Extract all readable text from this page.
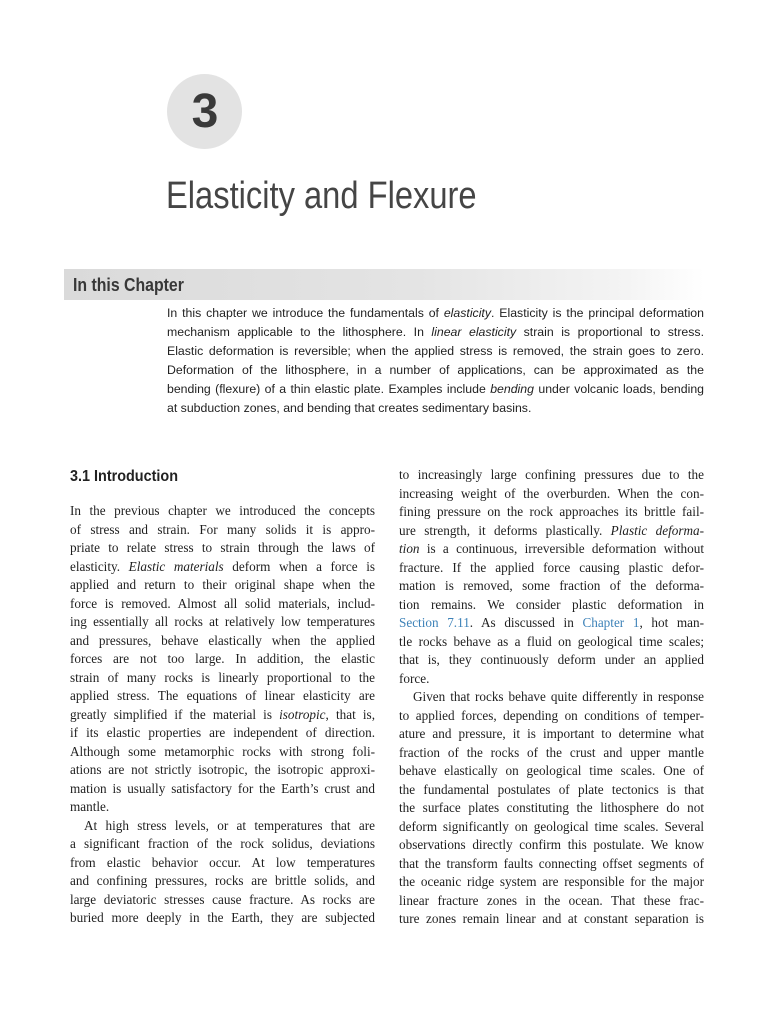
3
Elasticity and Flexure
In this Chapter
In this chapter we introduce the fundamentals of elasticity. Elasticity is the principal deformation
mechanism applicable to the lithosphere. In linear elasticity strain is proportional to stress.
Elastic deformation is reversible; when the applied stress is removed, the strain goes to zero.
Deformation of the lithosphere, in a number of applications, can be approximated as the
bending (flexure) of a thin elastic plate. Examples include bending under volcanic loads, bending
at subduction zones, and bending that creates sedimentary basins.
3.1 Introduction
In the previous chapter we introduced the concepts
of stress and strain. For many solids it is appro-
priate to relate stress to strain through the laws of
elasticity. Elastic materials deform when a force is
applied and return to their original shape when the
force is removed. Almost all solid materials, includ-
ing essentially all rocks at relatively low temperatures
and pressures, behave elastically when the applied
forces are not too large. In addition, the elastic
strain of many rocks is linearly proportional to the
applied stress. The equations of linear elasticity are
greatly simplified if the material is isotropic, that is,
if its elastic properties are independent of direction.
Although some metamorphic rocks with strong foli-
ations are not strictly isotropic, the isotropic approxi-
mation is usually satisfactory for the Earth’s crust and
mantle.
At high stress levels, or at temperatures that are
a significant fraction of the rock solidus, deviations
from elastic behavior occur. At low temperatures
and confining pressures, rocks are brittle solids, and
large deviatoric stresses cause fracture. As rocks are
buried more deeply in the Earth, they are subjected
to increasingly large confining pressures due to the
increasing weight of the overburden. When the con-
fining pressure on the rock approaches its brittle fail-
ure strength, it deforms plastically. Plastic deforma-
tion is a continuous, irreversible deformation without
fracture. If the applied force causing plastic defor-
mation is removed, some fraction of the deforma-
tion remains. We consider plastic deformation in
Section 7.11. As discussed in Chapter 1, hot man-
tle rocks behave as a fluid on geological time scales;
that is, they continuously deform under an applied
force.
Given that rocks behave quite differently in response
to applied forces, depending on conditions of temper-
ature and pressure, it is important to determine what
fraction of the rocks of the crust and upper mantle
behave elastically on geological time scales. One of
the fundamental postulates of plate tectonics is that
the surface plates constituting the lithosphere do not
deform significantly on geological time scales. Several
observations directly confirm this postulate. We know
that the transform faults connecting offset segments of
the oceanic ridge system are responsible for the major
linear fracture zones in the ocean. That these frac-
ture zones remain linear and at constant separation is
